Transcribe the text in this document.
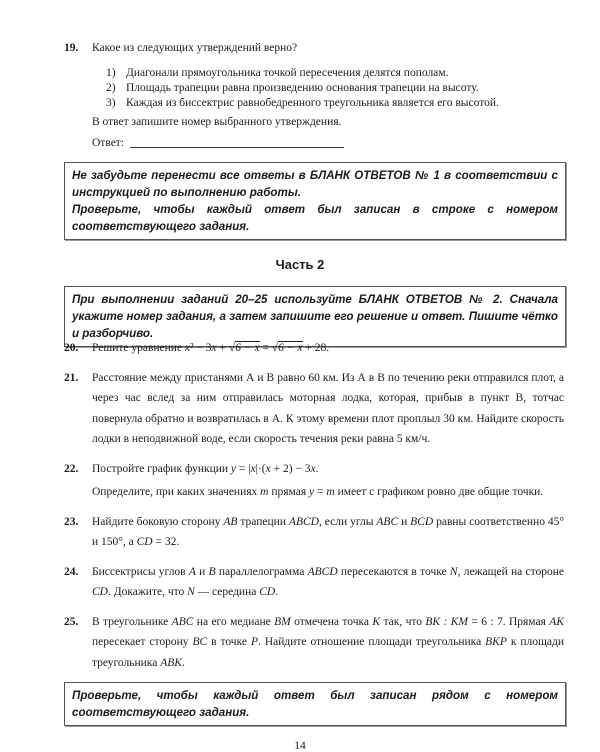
19. Какое из следующих утверждений верно?
1) Диагонали прямоугольника точкой пересечения делятся пополам.
2) Площадь трапеции равна произведению основания трапеции на высоту.
3) Каждая из биссектрис равнобедренного треугольника является его высотой.
В ответ запишите номер выбранного утверждения.
Ответ:

Не забудьте перенести все ответы в БЛАНК ОТВЕТОВ № 1 в соответствии с инструкцией по выполнению работы.

Проверьте, чтобы каждый ответ был записан в строке с номером соответствующего задания.

Часть 2

При выполнении заданий 20–25 используйте БЛАНК ОТВЕТОВ № 2. Сначала укажите номер задания, а затем запишите его решение и ответ. Пишите чётко и разборчиво.

20. Решите уравнение x² − 3x + √6 − x = √6 − x + 28.
21. Расстояние между пристанями А и В равно 60 км. Из А в В по течению реки отправился плот, а через час вслед за ним отправилась моторная лодка, которая, прибыв в пункт В, тотчас повернула обратно и возвратилась в А. К этому времени плот проплыл 30 км. Найдите скорость лодки в неподвижной воде, если скорость течения реки равна 5 км/ч.
22. Постройте график функции y = |x|·(x + 2) − 3x.
Определите, при каких значениях m прямая y = m имеет с графиком ровно две общие точки.
23. Найдите боковую сторону AB трапеции ABCD, если углы ABC и BCD равны соответственно 45° и 150°, а CD = 32.
24. Биссектрисы углов A и B параллелограмма ABCD пересекаются в точке N, лежащей на стороне CD. Докажите, что N — середина CD.
25. В треугольнике ABC на его медиане BM отмечена точка K так, что BK : KM = 6 : 7. Прямая AK пересекает сторону BC в точке P. Найдите отношение площади треугольника BKP к площади треугольника ABK.

Проверьте, чтобы каждый ответ был записан рядом с номером соответствующего задания.

14
